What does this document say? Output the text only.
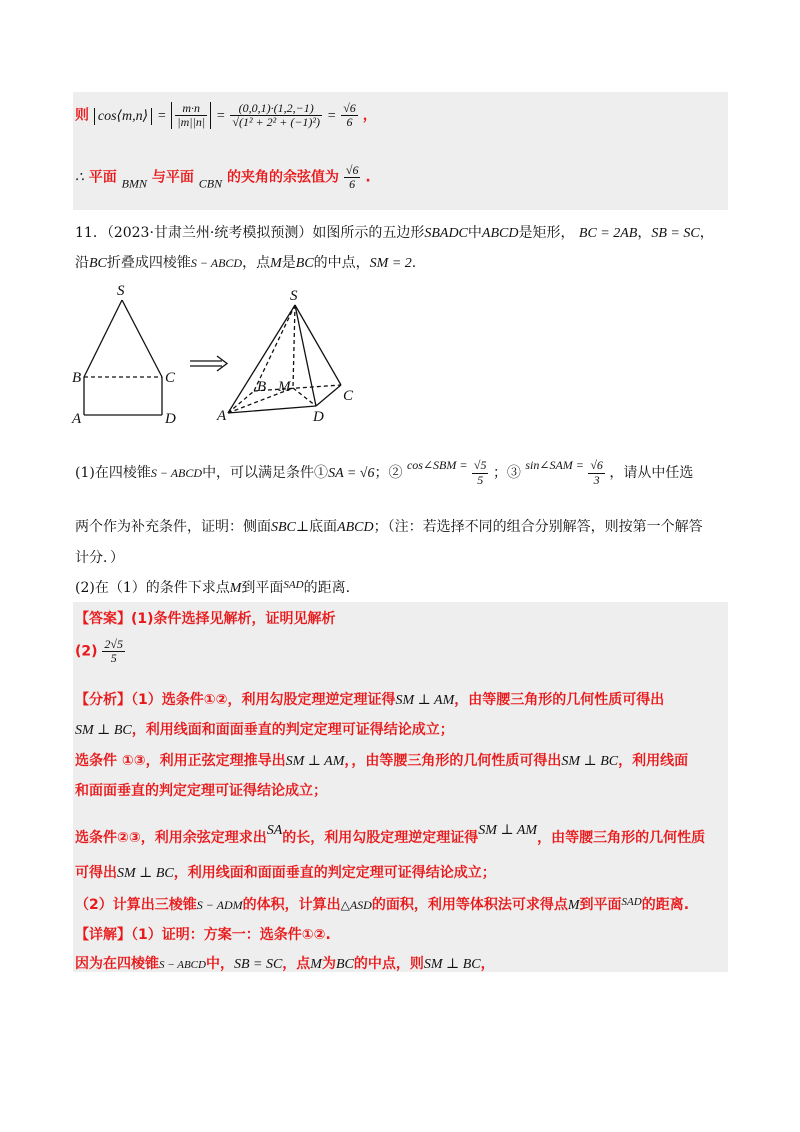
则 cos⟨m,n⟩ = $\frac{m\cdot n}{|m||n|} = \frac{(0,0,1)\cdot(1,2,-1)}{\text{√(1² + 2² + (−1)²)}} = \frac{√6}{6}$ ，
∴ 平面 BMN 与平面 CBN 的夹角的余弦值为 $\frac{√6}{6}$ .
11．（2023·甘肃兰州·统考模拟预测）如图所示的五边形SBADC中ABCD是矩形， BC = 2AB，SB = SC，
沿BC折叠成四棱锥S − ABCD，点M是BC的中点，SM = 2.
S
B	C
A	D
S
B M
C
A	D
(1)在四棱锥S − ABCD中，可以满足条件①SA = √6；② cos∠SBM = $\frac{√5}{5}$ ；③ sin∠SAM = $\frac{√6}{3}$ ，请从中任选
两个作为补充条件，证明：侧面SBC⊥底面ABCD；（注：若选择不同的组合分别解答，则按第一个解答
计分．）
(2)在（1）的条件下求点M到平面$^{SAD}$的距离.
【答案】(1)条件选择见解析，证明见解析
$(2) \frac{2√5}{5}$
【分析】（1）选条件①②，利用勾股定理逆定理证得SM ⊥ AM，由等腰三角形的几何性质可得出
SM ⊥ BC，利用线面和面面垂直的判定定理可证得结论成立；
选条件 ①③，利用正弦定理推导出SM ⊥ AM，，由等腰三角形的几何性质可得出SM ⊥ BC，利用线面
和面面垂直的判定定理可证得结论成立；
选条件②③，利用余弦定理求出SA的长，利用勾股定理逆定理证得SM ⊥ AM，由等腰三角形的几何性质
可得出SM ⊥ BC，利用线面和面面垂直的判定定理可证得结论成立；
（2）计算出三棱锥S − ADM的体积，计算出△ASD的面积，利用等体积法可求得点M到平面$^{SAD}$的距离.
【详解】（1）证明：方案一：选条件①②.
因为在四棱锥S − ABCD中，SB = SC，点M为BC的中点，则SM ⊥ BC，
